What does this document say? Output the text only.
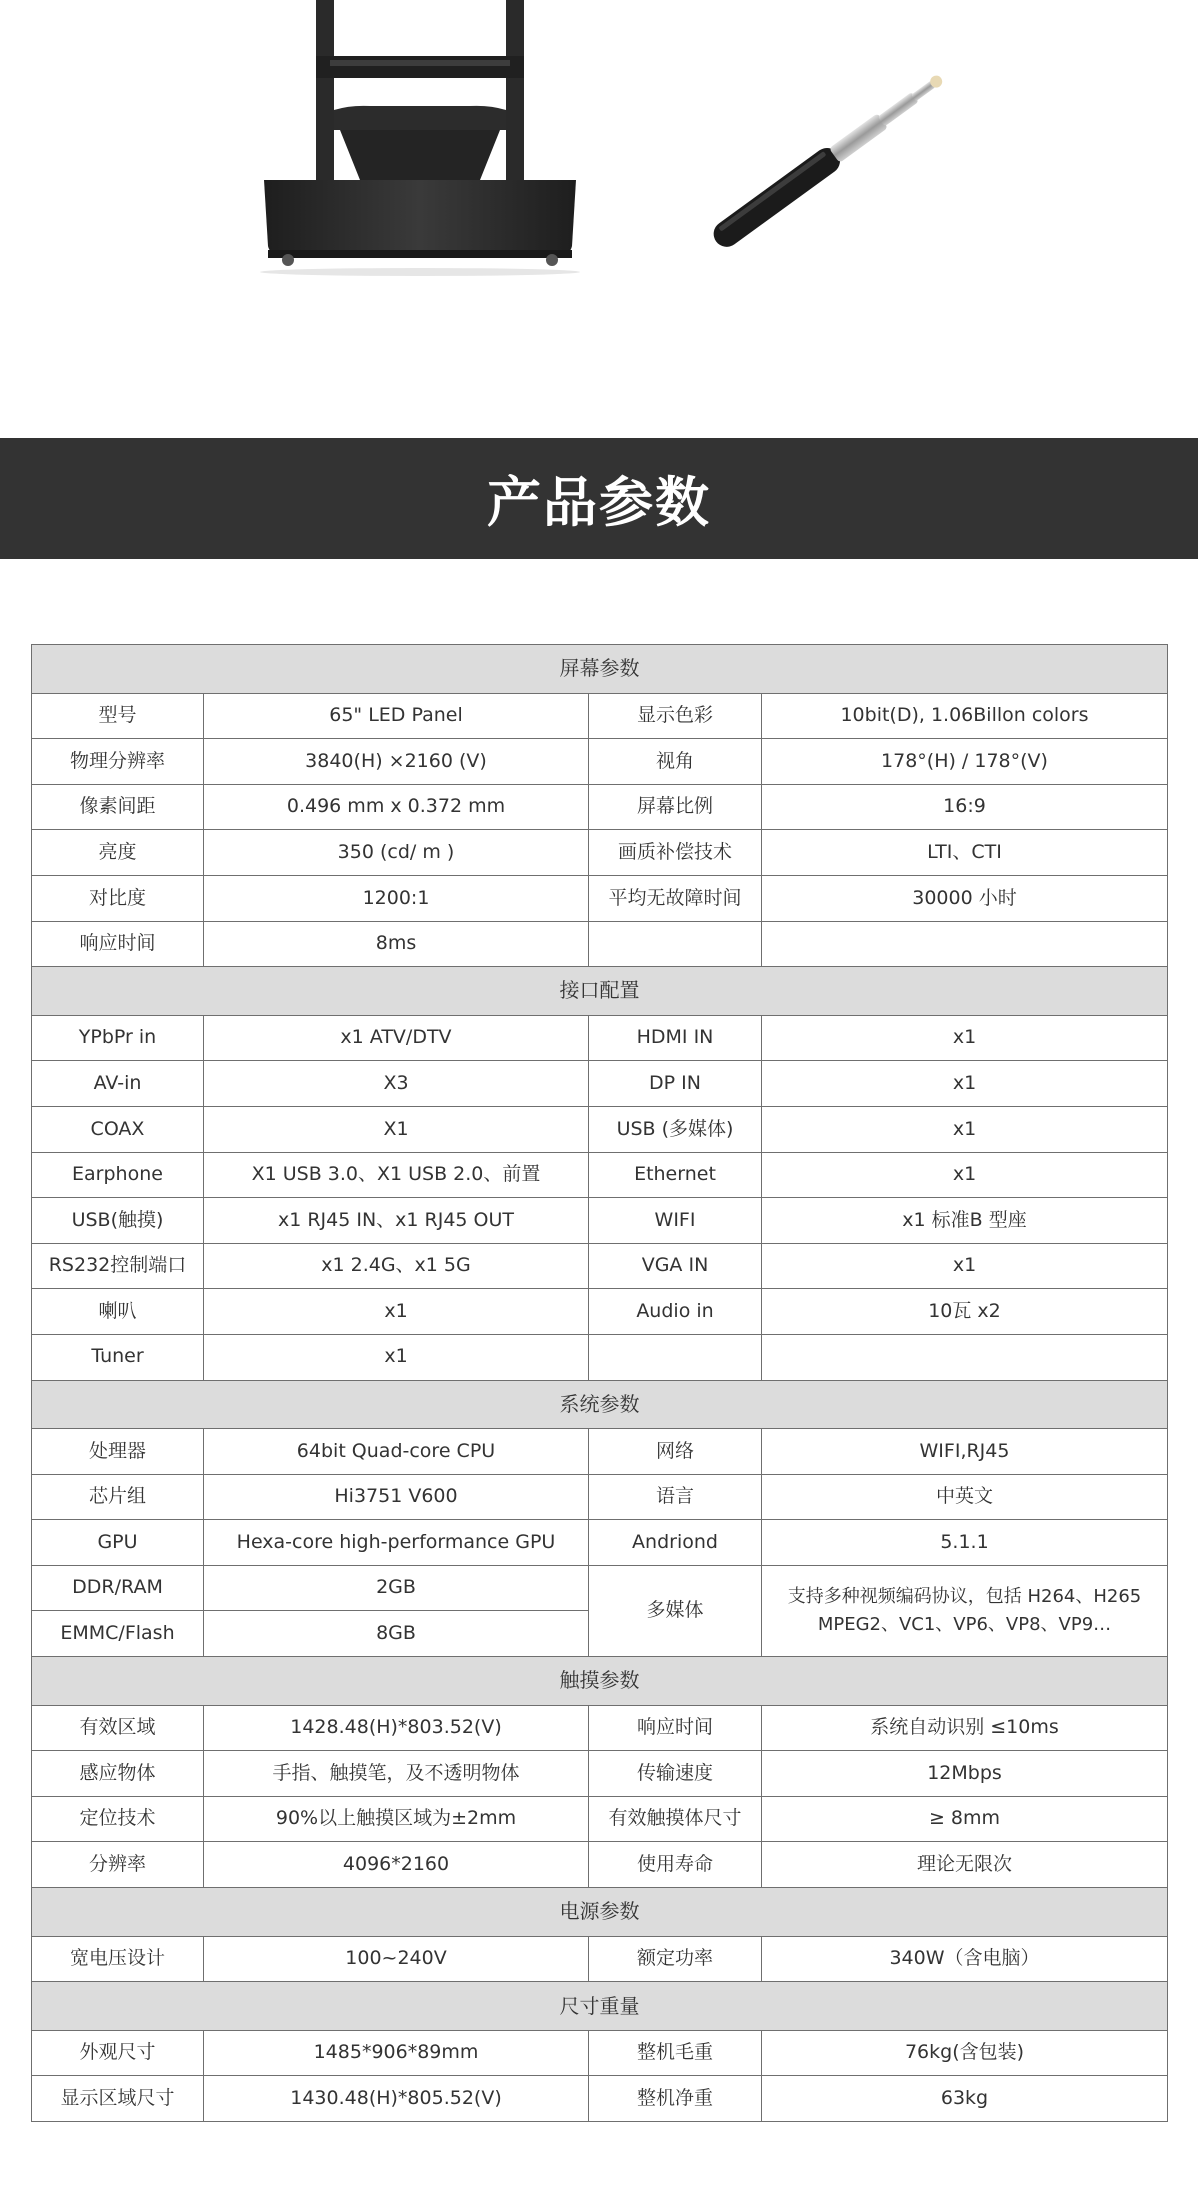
产品参数
屏幕参数			
型号	65" LED Panel	显示色彩	10bit(D), 1.06Billon colors
物理分辨率	3840(H) ×2160 (V)	视角	178°(H) / 178°(V)
像素间距	0.496 mm x 0.372 mm	屏幕比例	16:9
亮度	350 (cd/ m )	画质补偿技术	LTI、CTI
对比度	1200:1	平均无故障时间	30000 小时
响应时间	8ms		
接口配置			
YPbPr in	x1 ATV/DTV	HDMI IN	x1
AV-in	X3	DP IN	x1
COAX	X1	USB (多媒体)	x1
Earphone	X1 USB 3.0、X1 USB 2.0、前置	Ethernet	x1
USB(触摸)	x1 RJ45 IN、x1 RJ45 OUT	WIFI	x1 标准B 型座
RS232控制端口	x1 2.4G、x1 5G	VGA IN	x1
喇叭	x1	Audio in	10瓦 x2
Tuner	x1		
系统参数			
处理器	64bit Quad-core CPU	网络	WIFI,RJ45
芯片组	Hi3751 V600	语言	中英文
GPU	Hexa-core high-performance GPU	Andriond	5.1.1
DDR/RAM	2GB	多媒体	支持多种视频编码协议，包括 H264、H265
MPEG2、VC1、VP6、VP8、VP9…

EMMC/Flash	8GB		
触摸参数			
有效区域	1428.48(H)*803.52(V)	响应时间	系统自动识别 ≤10ms
感应物体	手指、触摸笔，及不透明物体	传输速度	12Mbps
定位技术	90%以上触摸区域为±2mm	有效触摸体尺寸	≥ 8mm
分辨率	4096*2160	使用寿命	理论无限次
电源参数			
宽电压设计	100~240V	额定功率	340W（含电脑）
尺寸重量			
外观尺寸	1485*906*89mm	整机毛重	76kg(含包装)
显示区域尺寸	1430.48(H)*805.52(V)	整机净重	63kg
